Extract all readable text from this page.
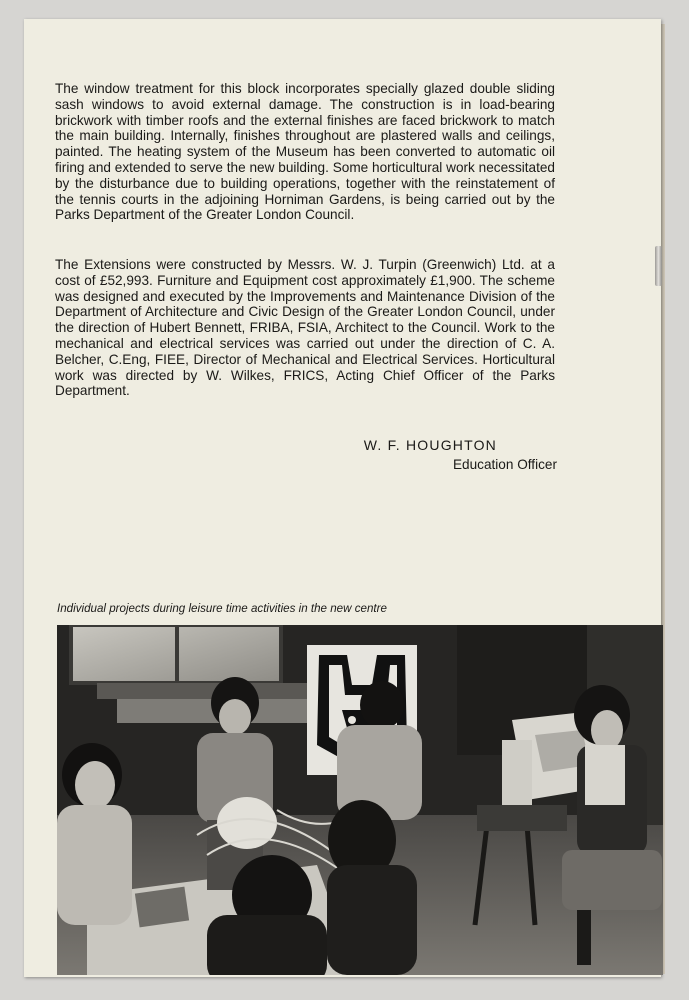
The window treatment for this block incorporates specially glazed double sliding sash windows to avoid external damage. The construction is in load-bearing brickwork with timber roofs and the external finishes are faced brickwork to match the main building. Internally, finishes throughout are plastered walls and ceilings, painted. The heating system of the Museum has been converted to automatic oil firing and extended to serve the new building. Some horticultural work necessitated by the disturbance due to building operations, together with the reinstatement of the tennis courts in the adjoining Horniman Gardens, is being carried out by the Parks Department of the Greater London Council.

The Extensions were constructed by Messrs. W. J. Turpin (Greenwich) Ltd. at a cost of £52,993. Furniture and Equipment cost approximately £1,900. The scheme was designed and executed by the Improvements and Maintenance Division of the Department of Architecture and Civic Design of the Greater London Council, under the direction of Hubert Bennett, FRIBA, FSIA, Architect to the Council. Work to the mechanical and electrical services was carried out under the direction of C. A. Belcher, C.Eng, FIEE, Director of Mechanical and Electrical Services. Horticultural work was directed by W. Wilkes, FRICS, Acting Chief Officer of the Parks Department.

W. F. HOUGHTON
Education Officer
Individual projects during leisure time activities in the new centre
